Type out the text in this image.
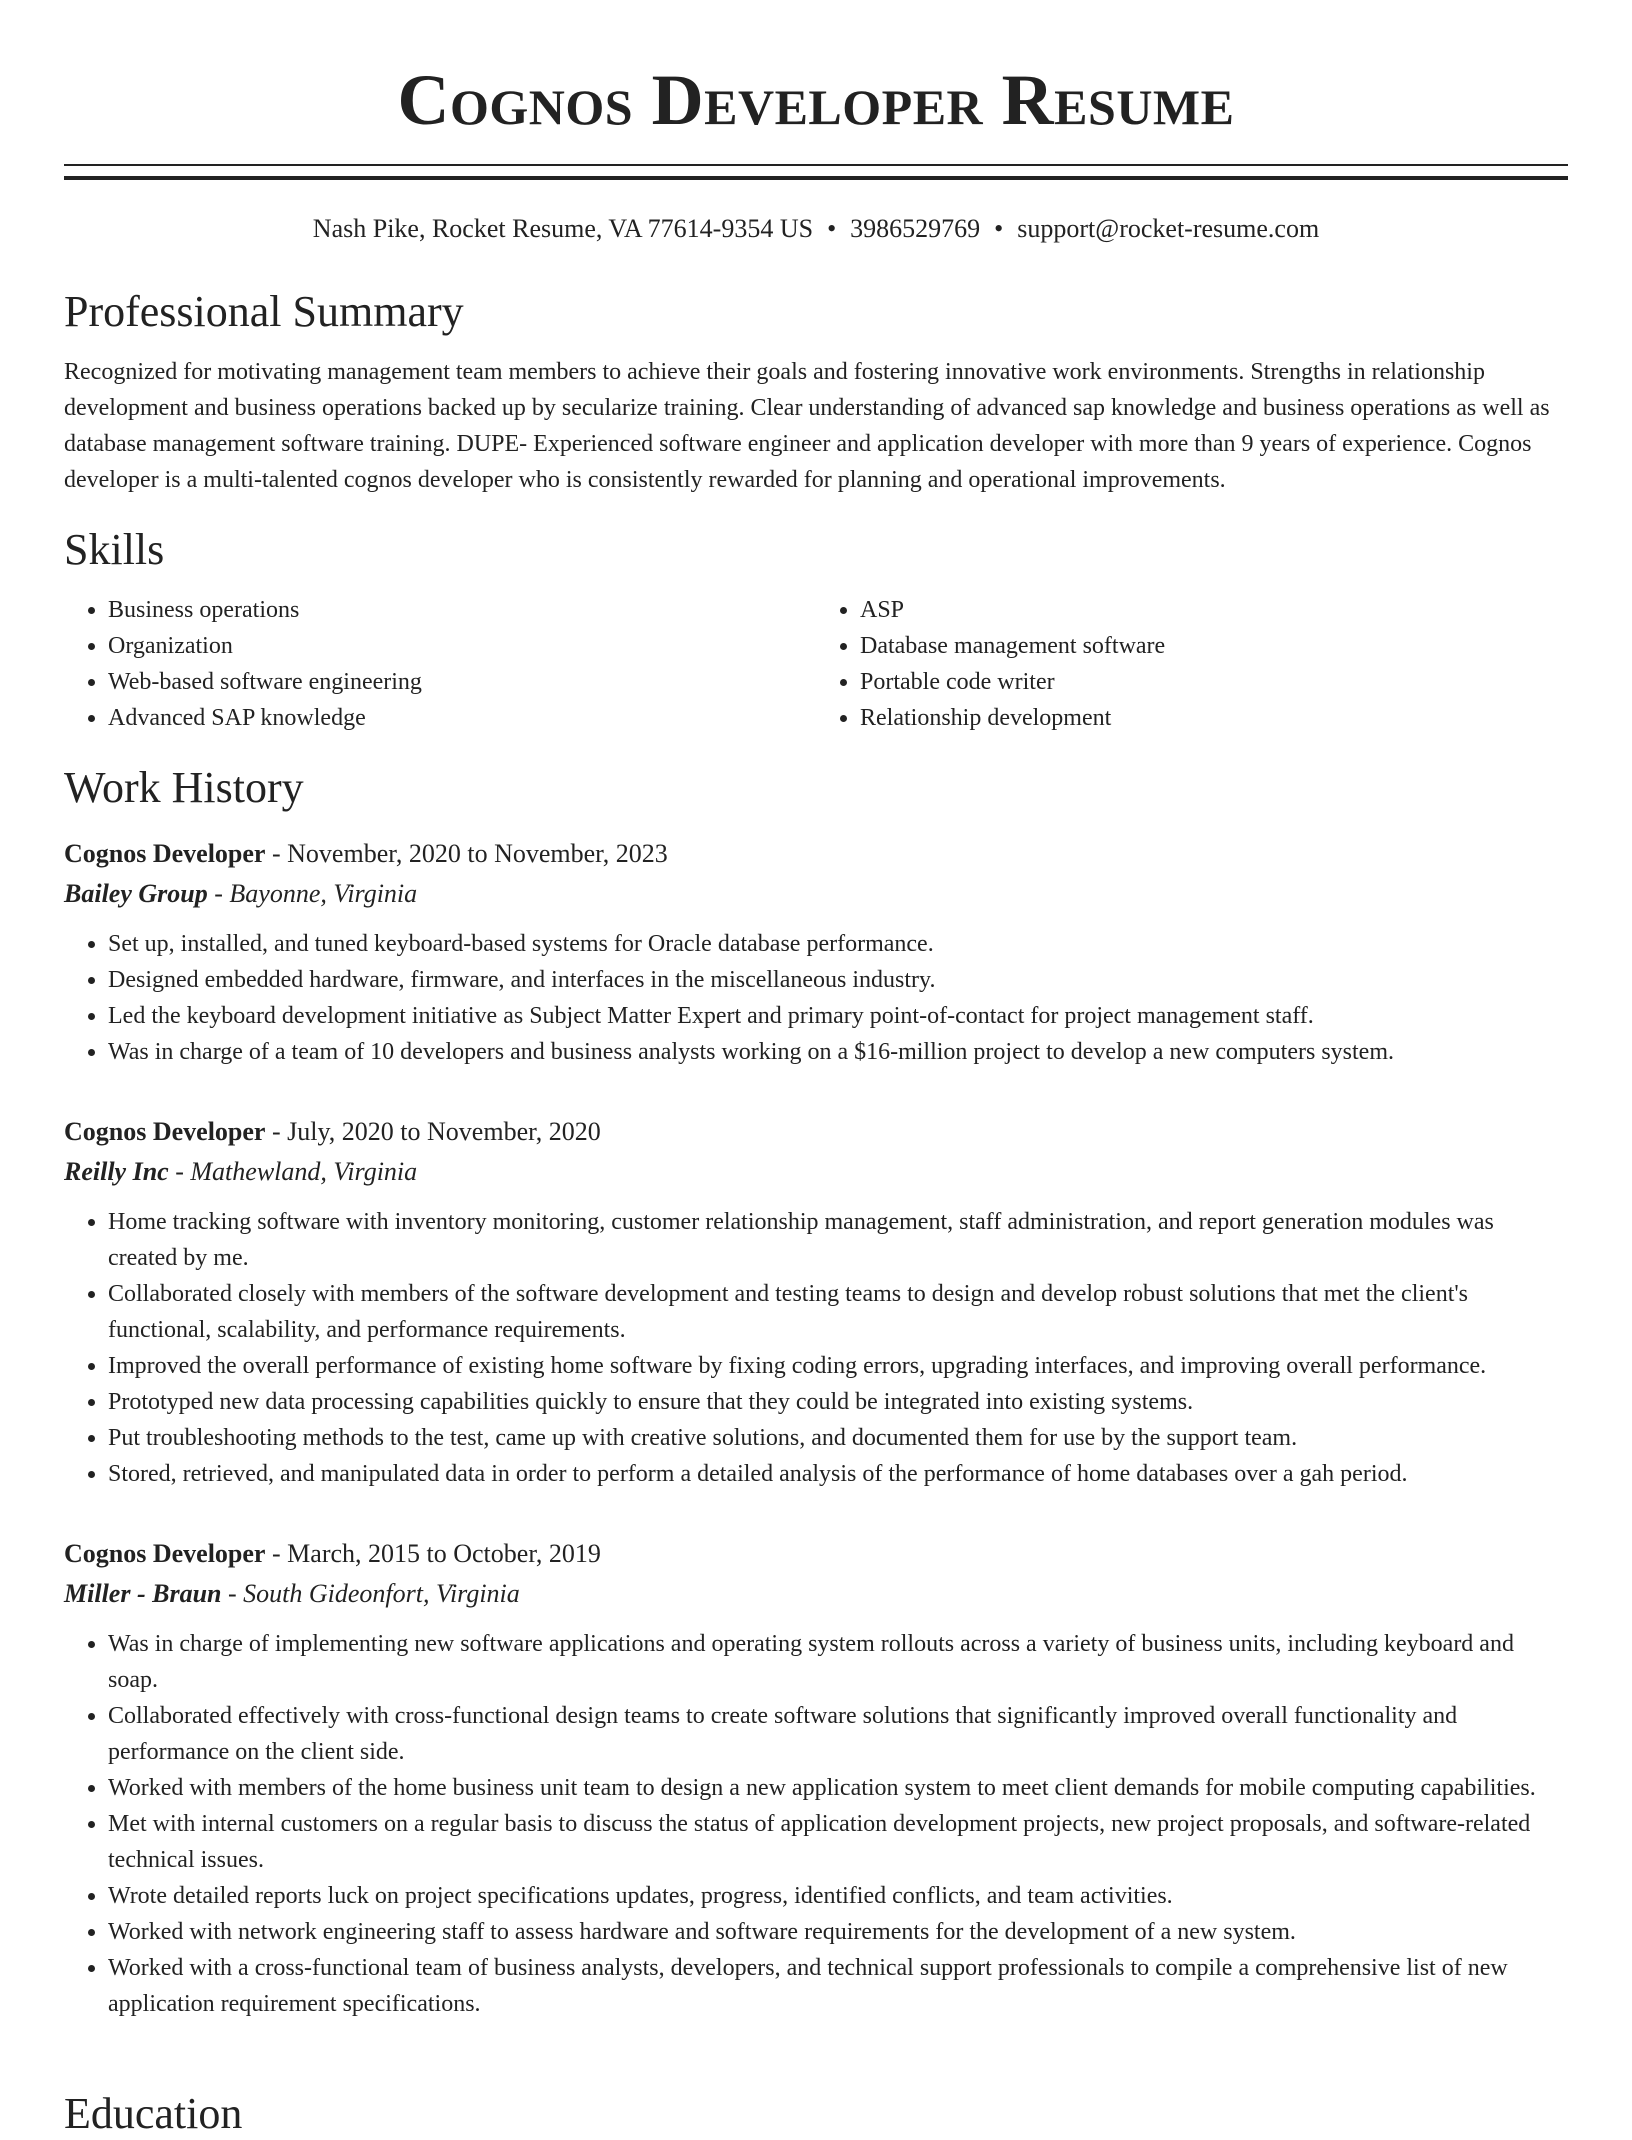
Cognos Developer Resume
Nash Pike, Rocket Resume, VA 77614-9354 US • 3986529769 • support@rocket-resume.com
Professional Summary

Recognized for motivating management team members to achieve their goals and fostering innovative work environments. Strengths in relationship development and business operations backed up by secularize training. Clear understanding of advanced sap knowledge and business operations as well as database management software training. DUPE- Experienced software engineer and application developer with more than 9 years of experience. Cognos developer is a multi-talented cognos developer who is consistently rewarded for planning and operational improvements.

Skills
• Business operations
• Organization
• Web-based software engineering
• Advanced SAP knowledge
• ASP
• Database management software
• Portable code writer
• Relationship development
Work History
Cognos Developer - November, 2020 to November, 2023
Bailey Group - Bayonne, Virginia
• Set up, installed, and tuned keyboard-based systems for Oracle database performance.
• Designed embedded hardware, firmware, and interfaces in the miscellaneous industry.
• Led the keyboard development initiative as Subject Matter Expert and primary point-of-contact for project management staff.
• Was in charge of a team of 10 developers and business analysts working on a $16-million project to develop a new computers system.
Cognos Developer - July, 2020 to November, 2020
Reilly Inc - Mathewland, Virginia
• Home tracking software with inventory monitoring, customer relationship management, staff administration, and report generation modules was created by me.
• Collaborated closely with members of the software development and testing teams to design and develop robust solutions that met the client's functional, scalability, and performance requirements.
• Improved the overall performance of existing home software by fixing coding errors, upgrading interfaces, and improving overall performance.
• Prototyped new data processing capabilities quickly to ensure that they could be integrated into existing systems.
• Put troubleshooting methods to the test, came up with creative solutions, and documented them for use by the support team.
• Stored, retrieved, and manipulated data in order to perform a detailed analysis of the performance of home databases over a gah period.
Cognos Developer - March, 2015 to October, 2019
Miller - Braun - South Gideonfort, Virginia
• Was in charge of implementing new software applications and operating system rollouts across a variety of business units, including keyboard and soap.
• Collaborated effectively with cross-functional design teams to create software solutions that significantly improved overall functionality and performance on the client side.
• Worked with members of the home business unit team to design a new application system to meet client demands for mobile computing capabilities.
• Met with internal customers on a regular basis to discuss the status of application development projects, new project proposals, and software-related technical issues.
• Wrote detailed reports luck on project specifications updates, progress, identified conflicts, and team activities.
• Worked with network engineering staff to assess hardware and software requirements for the development of a new system.
• Worked with a cross-functional team of business analysts, developers, and technical support professionals to compile a comprehensive list of new application requirement specifications.
Education
